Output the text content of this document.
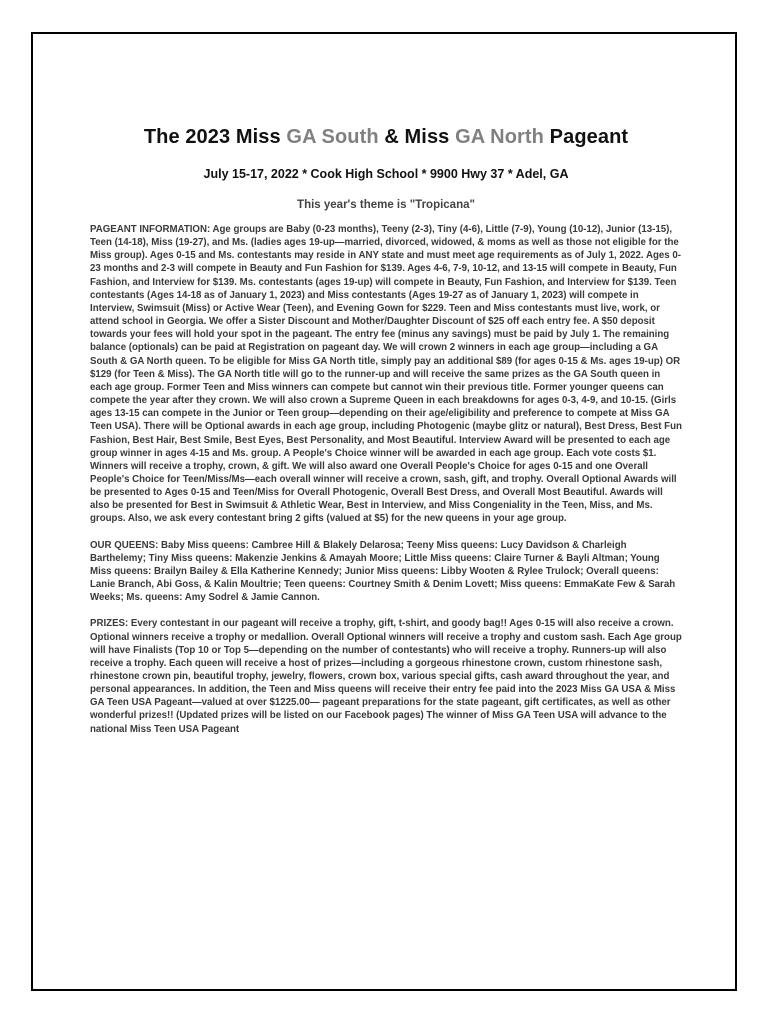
The 2023 Miss GA South & Miss GA North Pageant

July 15-17, 2022 * Cook High School * 9900 Hwy 37 * Adel, GA

This year's theme is "Tropicana"

PAGEANT INFORMATION: Age groups are Baby (0-23 months), Teeny (2-3), Tiny (4-6), Little (7-9), Young (10-12), Junior (13-15), Teen (14-18), Miss (19-27), and Ms. (ladies ages 19-up—married, divorced, widowed, & moms as well as those not eligible for the Miss group). Ages 0-15 and Ms. contestants may reside in ANY state and must meet age requirements as of July 1, 2022. Ages 0-23 months and 2-3 will compete in Beauty and Fun Fashion for $139. Ages 4-6, 7-9, 10-12, and 13-15 will compete in Beauty, Fun Fashion, and Interview for $139. Ms. contestants (ages 19-up) will compete in Beauty, Fun Fashion, and Interview for $139. Teen contestants (Ages 14-18 as of January 1, 2023) and Miss contestants (Ages 19-27 as of January 1, 2023) will compete in Interview, Swimsuit (Miss) or Active Wear (Teen), and Evening Gown for $229. Teen and Miss contestants must live, work, or attend school in Georgia. We offer a Sister Discount and Mother/Daughter Discount of $25 off each entry fee. A $50 deposit towards your fees will hold your spot in the pageant. The entry fee (minus any savings) must be paid by July 1. The remaining balance (optionals) can be paid at Registration on pageant day. We will crown 2 winners in each age group—including a GA South & GA North queen. To be eligible for Miss GA North title, simply pay an additional $89 (for ages 0-15 & Ms. ages 19-up) OR $129 (for Teen & Miss). The GA North title will go to the runner-up and will receive the same prizes as the GA South queen in each age group. Former Teen and Miss winners can compete but cannot win their previous title. Former younger queens can compete the year after they crown. We will also crown a Supreme Queen in each breakdowns for ages 0-3, 4-9, and 10-15. (Girls ages 13-15 can compete in the Junior or Teen group—depending on their age/eligibility and preference to compete at Miss GA Teen USA). There will be Optional awards in each age group, including Photogenic (maybe glitz or natural), Best Dress, Best Fun Fashion, Best Hair, Best Smile, Best Eyes, Best Personality, and Most Beautiful. Interview Award will be presented to each age group winner in ages 4-15 and Ms. group. A People's Choice winner will be awarded in each age group. Each vote costs $1. Winners will receive a trophy, crown, & gift. We will also award one Overall People's Choice for ages 0-15 and one Overall People's Choice for Teen/Miss/Ms—each overall winner will receive a crown, sash, gift, and trophy. Overall Optional Awards will be presented to Ages 0-15 and Teen/Miss for Overall Photogenic, Overall Best Dress, and Overall Most Beautiful. Awards will also be presented for Best in Swimsuit & Athletic Wear, Best in Interview, and Miss Congeniality in the Teen, Miss, and Ms. groups. Also, we ask every contestant bring 2 gifts (valued at $5) for the new queens in your age group.

OUR QUEENS: Baby Miss queens: Cambree Hill & Blakely Delarosa; Teeny Miss queens: Lucy Davidson & Charleigh Barthelemy; Tiny Miss queens: Makenzie Jenkins & Amayah Moore; Little Miss queens: Claire Turner & Bayli Altman; Young Miss queens: Brailyn Bailey & Ella Katherine Kennedy; Junior Miss queens: Libby Wooten & Rylee Trulock; Overall queens: Lanie Branch, Abi Goss, & Kalin Moultrie; Teen queens: Courtney Smith & Denim Lovett; Miss queens: EmmaKate Few & Sarah Weeks; Ms. queens: Amy Sodrel & Jamie Cannon.

PRIZES: Every contestant in our pageant will receive a trophy, gift, t-shirt, and goody bag!! Ages 0-15 will also receive a crown. Optional winners receive a trophy or medallion. Overall Optional winners will receive a trophy and custom sash. Each Age group will have Finalists (Top 10 or Top 5—depending on the number of contestants) who will receive a trophy. Runners-up will also receive a trophy. Each queen will receive a host of prizes—including a gorgeous rhinestone crown, custom rhinestone sash, rhinestone crown pin, beautiful trophy, jewelry, flowers, crown box, various special gifts, cash award throughout the year, and personal appearances. In addition, the Teen and Miss queens will receive their entry fee paid into the 2023 Miss GA USA & Miss GA Teen USA Pageant—valued at over $1225.00— pageant preparations for the state pageant, gift certificates, as well as other wonderful prizes!! (Updated prizes will be listed on our Facebook pages) The winner of Miss GA Teen USA will advance to the national Miss Teen USA Pageant
